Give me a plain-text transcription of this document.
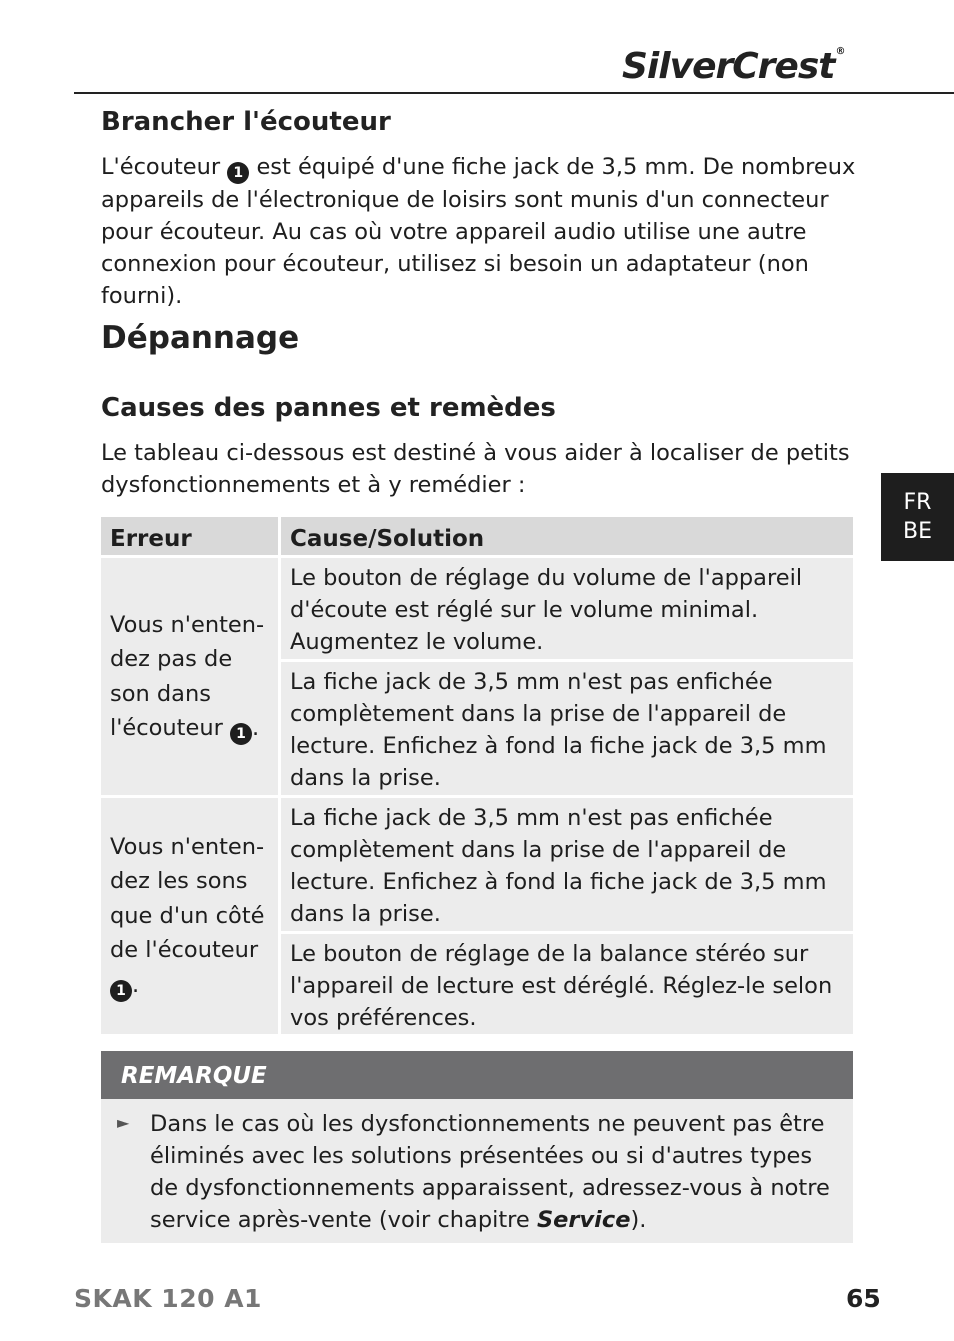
SilverCrest®
Brancher l'écouteur

L'écouteur 1 est équipé d'une fiche jack de 3,5 mm. De nombreux appareils de l'électronique de loisirs sont munis d'un connecteur pour écouteur. Au cas où votre appareil audio utilise une autre connexion pour écouteur, utilisez si besoin un adaptateur (non fourni).

Dépannage
Causes des pannes et remèdes

Le tableau ci-dessous est destiné à vous aider à localiser de petits dysfonctionnements et à y remédier :

FR
BE
Erreur	Cause/Solution
Vous n'enten-dez pas de son dans l'écouteur 1 .
Le bouton de réglage du volume de l'appareil d'écoute est réglé sur le volume minimal. Augmentez le volume.
La fiche jack de 3,5 mm n'est pas enfichée complètement dans la prise de l'appareil de lecture. Enfichez à fond la fiche jack de 3,5 mm dans la prise.
Vous n'enten-dez les sons que d'un côté de l'écouteur 1 .
La fiche jack de 3,5 mm n'est pas enfichée complètement dans la prise de l'appareil de lecture. Enfichez à fond la fiche jack de 3,5 mm dans la prise.
Le bouton de réglage de la balance stéréo sur l'appareil de lecture est déréglé. Réglez-le selon vos préférences.
REMARQUE
► Dans le cas où les dysfonctionnements ne peuvent pas être éliminés avec les solutions présentées ou si d'autres types de dysfonctionnements apparaissent, adressez-vous à notre service après-vente (voir chapitre Service).

SKAK 120 A1	65
